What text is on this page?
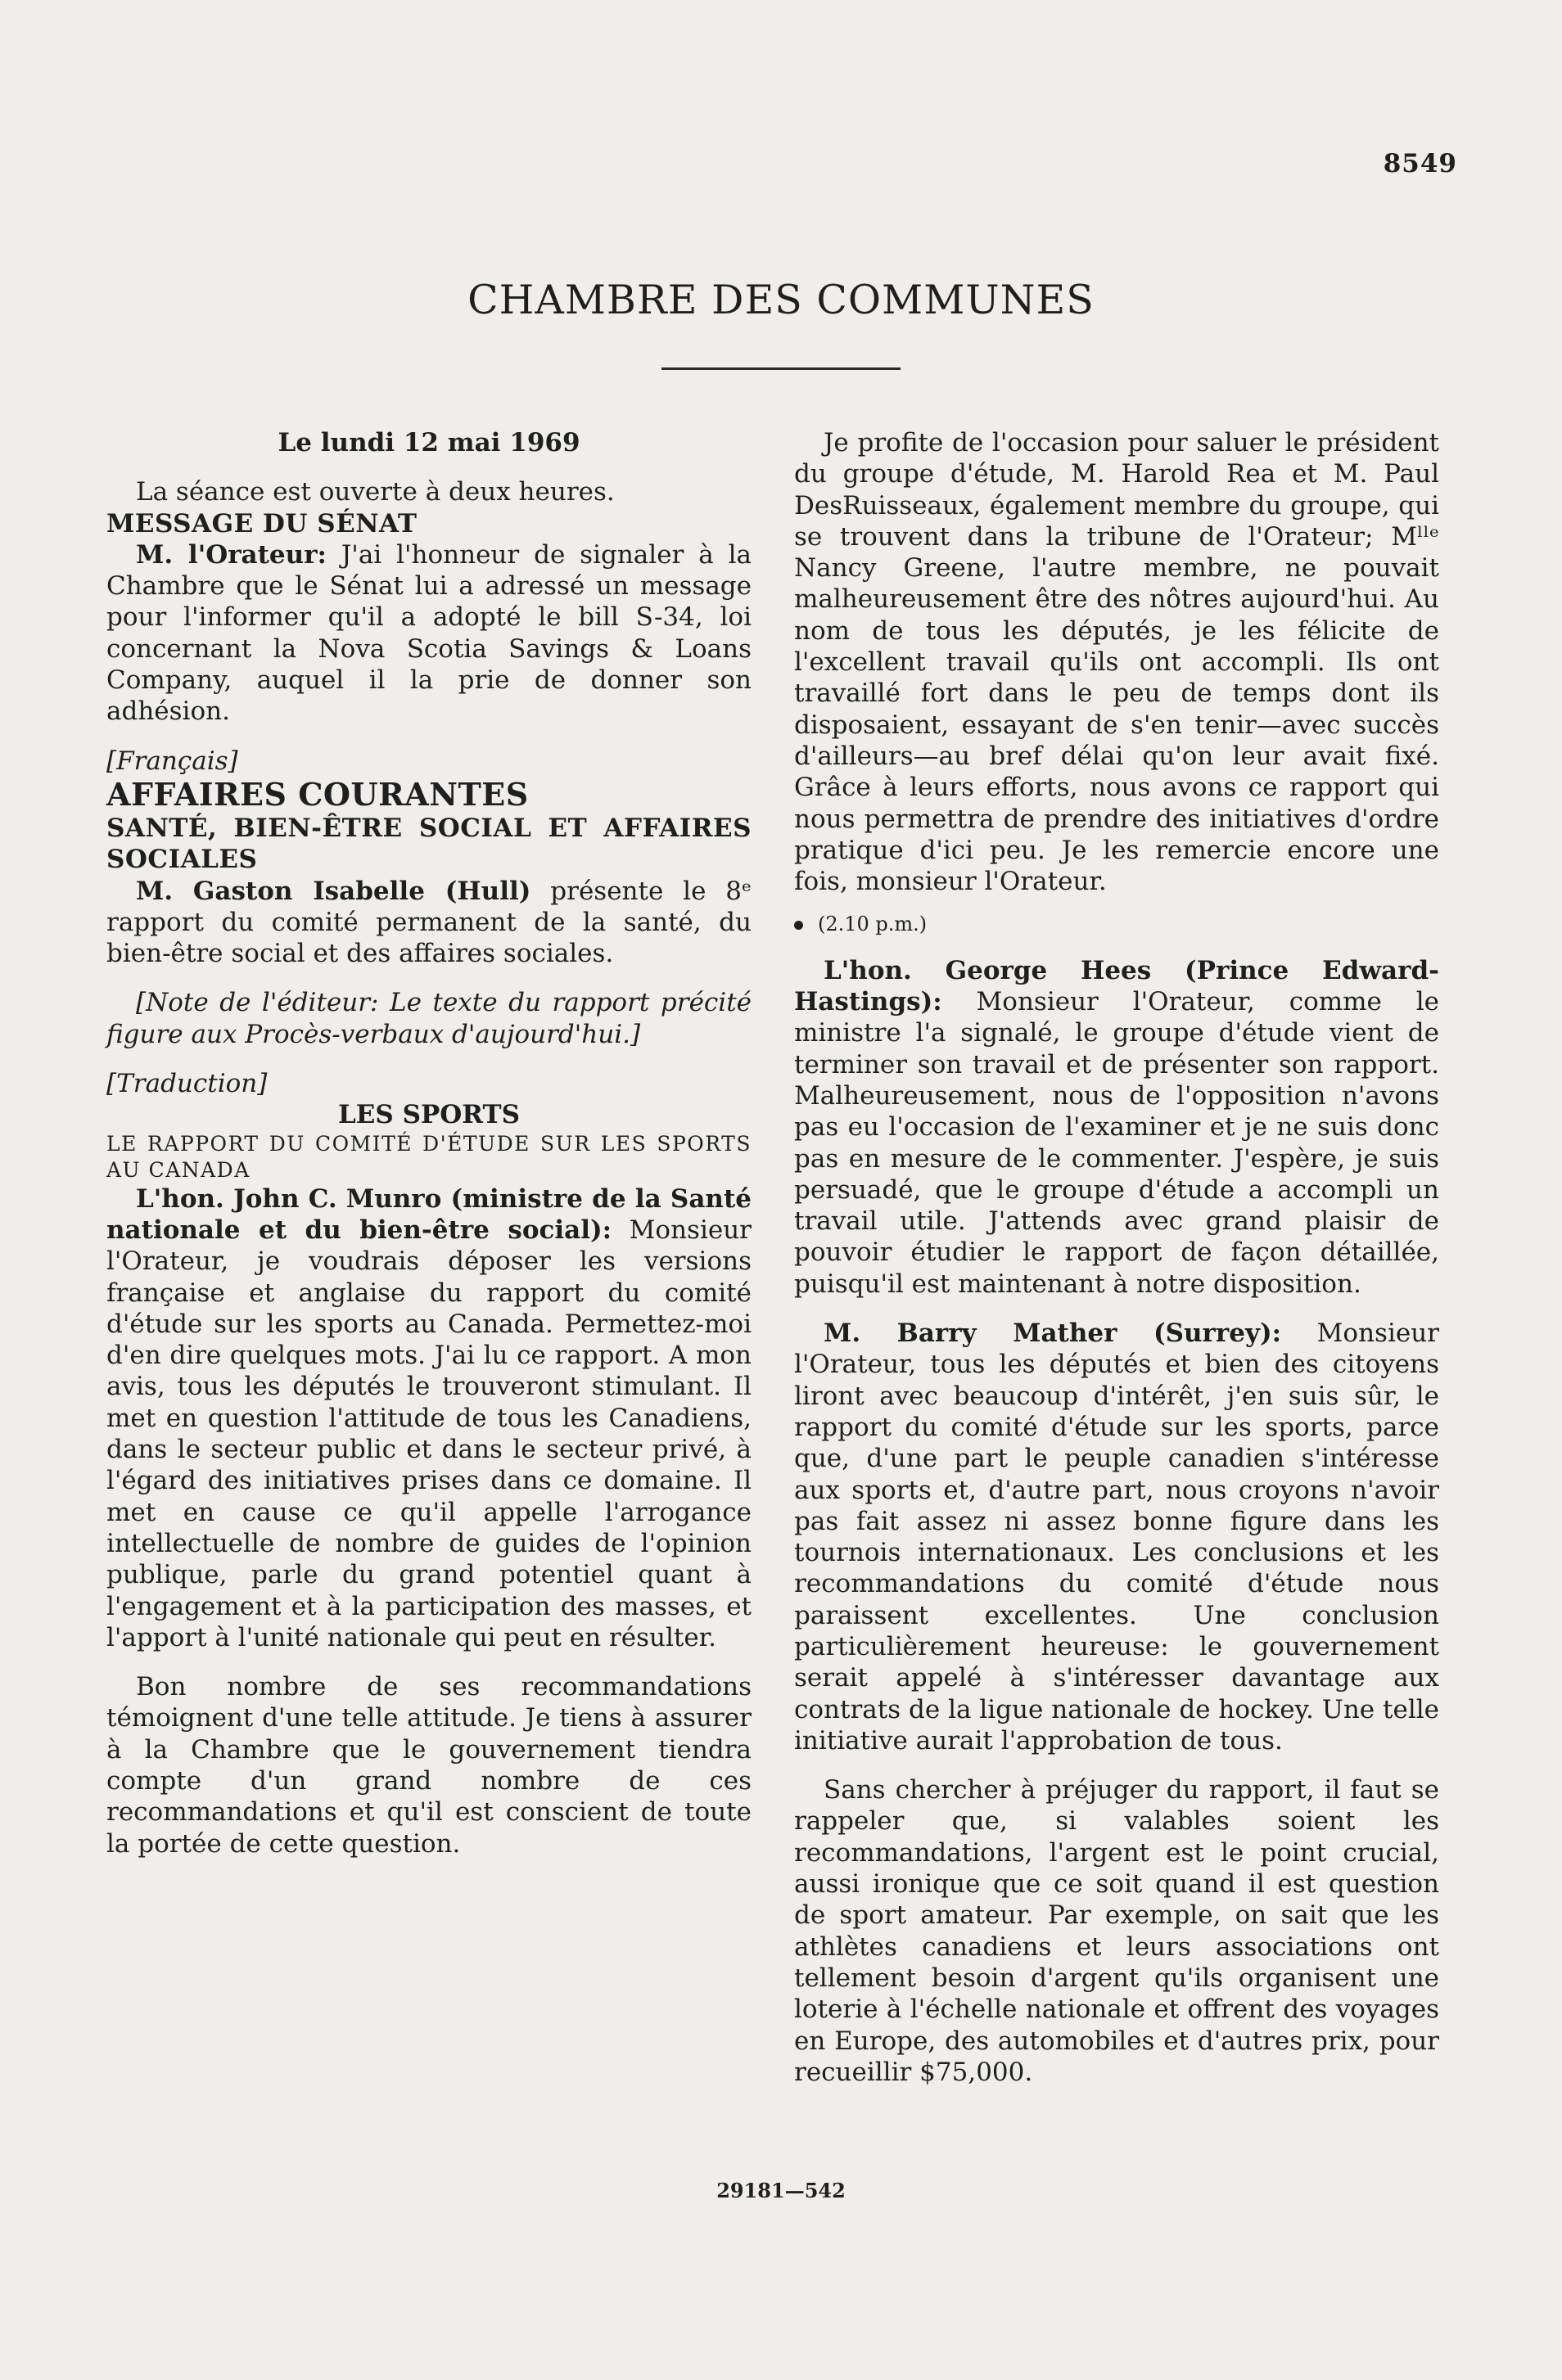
8549
CHAMBRE DES COMMUNES

Le lundi 12 mai 1969

La séance est ouverte à deux heures.

MESSAGE DU SÉNAT

M. l'Orateur: J'ai l'honneur de signaler à la Chambre que le Sénat lui a adressé un message pour l'informer qu'il a adopté le bill S-34, loi concernant la Nova Scotia Savings & Loans Company, auquel il la prie de donner son adhésion.

[Français]

AFFAIRES COURANTES

SANTÉ, BIEN-ÊTRE SOCIAL ET AFFAIRES SOCIALES

M. Gaston Isabelle (Hull) présente le 8ᵉ rapport du comité permanent de la santé, du bien-être social et des affaires sociales.

[Note de l'éditeur: Le texte du rapport précité figure aux Procès-verbaux d'aujourd'hui.]

[Traduction]

LES SPORTS

LE RAPPORT DU COMITÉ D'ÉTUDE SUR LES SPORTS AU CANADA

L'hon. John C. Munro (ministre de la Santé nationale et du bien-être social): Monsieur l'Orateur, je voudrais déposer les versions française et anglaise du rapport du comité d'étude sur les sports au Canada. Permettez-moi d'en dire quelques mots. J'ai lu ce rapport. A mon avis, tous les députés le trouveront stimulant. Il met en question l'attitude de tous les Canadiens, dans le secteur public et dans le secteur privé, à l'égard des initiatives prises dans ce domaine. Il met en cause ce qu'il appelle l'arrogance intellectuelle de nombre de guides de l'opinion publique, parle du grand potentiel quant à l'engagement et à la participation des masses, et l'apport à l'unité nationale qui peut en résulter.

Bon nombre de ses recommandations témoignent d'une telle attitude. Je tiens à assurer à la Chambre que le gouvernement tiendra compte d'un grand nombre de ces recommandations et qu'il est conscient de toute la portée de cette question.

Je profite de l'occasion pour saluer le président du groupe d'étude, M. Harold Rea et M. Paul DesRuisseaux, également membre du groupe, qui se trouvent dans la tribune de l'Orateur; Mˡˡᵉ Nancy Greene, l'autre membre, ne pouvait malheureusement être des nôtres aujourd'hui. Au nom de tous les députés, je les félicite de l'excellent travail qu'ils ont accompli. Ils ont travaillé fort dans le peu de temps dont ils disposaient, essayant de s'en tenir—avec succès d'ailleurs—au bref délai qu'on leur avait fixé. Grâce à leurs efforts, nous avons ce rapport qui nous permettra de prendre des initiatives d'ordre pratique d'ici peu. Je les remercie encore une fois, monsieur l'Orateur.

(2.10 p.m.)

L'hon. George Hees (Prince Edward-Hastings): Monsieur l'Orateur, comme le ministre l'a signalé, le groupe d'étude vient de terminer son travail et de présenter son rapport. Malheureusement, nous de l'opposition n'avons pas eu l'occasion de l'examiner et je ne suis donc pas en mesure de le commenter. J'espère, je suis persuadé, que le groupe d'étude a accompli un travail utile. J'attends avec grand plaisir de pouvoir étudier le rapport de façon détaillée, puisqu'il est maintenant à notre disposition.

M. Barry Mather (Surrey): Monsieur l'Orateur, tous les députés et bien des citoyens liront avec beaucoup d'intérêt, j'en suis sûr, le rapport du comité d'étude sur les sports, parce que, d'une part le peuple canadien s'intéresse aux sports et, d'autre part, nous croyons n'avoir pas fait assez ni assez bonne figure dans les tournois internationaux. Les conclusions et les recommandations du comité d'étude nous paraissent excellentes. Une conclusion particulièrement heureuse: le gouvernement serait appelé à s'intéresser davantage aux contrats de la ligue nationale de hockey. Une telle initiative aurait l'approbation de tous.

Sans chercher à préjuger du rapport, il faut se rappeler que, si valables soient les recommandations, l'argent est le point crucial, aussi ironique que ce soit quand il est question de sport amateur. Par exemple, on sait que les athlètes canadiens et leurs associations ont tellement besoin d'argent qu'ils organisent une loterie à l'échelle nationale et offrent des voyages en Europe, des automobiles et d'autres prix, pour recueillir $75,000.

29181—542
